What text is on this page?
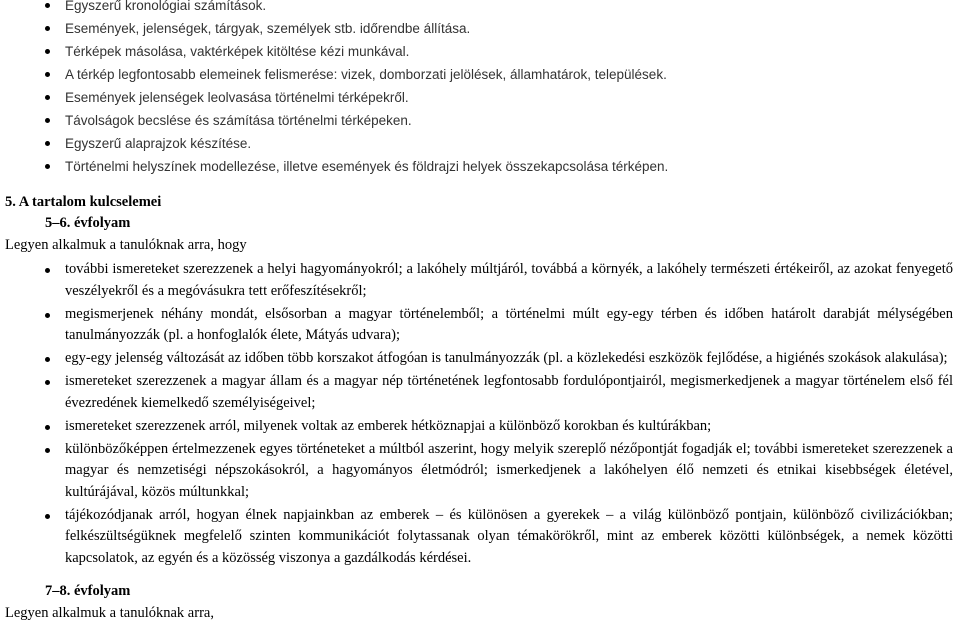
Egyszerű kronológiai számítások.
Események, jelenségek, tárgyak, személyek stb. időrendbe állítása.
Térképek másolása, vaktérképek kitöltése kézi munkával.
A térkép legfontosabb elemeinek felismerése: vizek, domborzati jelölések, államhatárok, települések.
Események jelenségek leolvasása történelmi térképekről.
Távolságok becslése és számítása történelmi térképeken.
Egyszerű alaprajzok készítése.
Történelmi helyszínek modellezése, illetve események és földrajzi helyek összekapcsolása térképen.
5. A tartalom kulcselemei
5–6. évfolyam
Legyen alkalmuk a tanulóknak arra, hogy
további ismereteket szerezzenek a helyi hagyományokról; a lakóhely múltjáról, továbbá a környék, a lakóhely természeti értékeiről, az azokat fenyegető veszélyekről és a megóvásukra tett erőfeszítésekről;
megismerjenek néhány mondát, elsősorban a magyar történelemből; a történelmi múlt egy-egy térben és időben határolt darabját mélységében tanulmányozzák (pl. a honfoglalók élete, Mátyás udvara);
egy-egy jelenség változását az időben több korszakot átfogóan is tanulmányozzák (pl. a közlekedési eszközök fejlődése, a higiénés szokások alakulása);
ismereteket szerezzenek a magyar állam és a magyar nép történetének legfontosabb fordulópontjairól, megismerkedjenek a magyar történelem első fél évezredének kiemelkedő személyiségeivel;
ismereteket szerezzenek arról, milyenek voltak az emberek hétköznapjai a különböző korokban és kultúrákban;
különbözőképpen értelmezzenek egyes történeteket a múltból aszerint, hogy melyik szereplő nézőpontját fogadják el; további ismereteket szerezzenek a magyar és nemzetiségi népszokásokról, a hagyományos életmódról; ismerkedjenek a lakóhelyen élő nemzeti és etnikai kisebbségek életével, kultúrájával, közös múltunkkal;
tájékozódjanak arról, hogyan élnek napjainkban az emberek – és különösen a gyerekek – a világ különböző pontjain, különböző civilizációkban; felkészültségüknek megfelelő szinten kommunikációt folytassanak olyan témakörökről, mint az emberek közötti különbségek, a nemek közötti kapcsolatok, az egyén és a közösség viszonya a gazdálkodás kérdései.
7–8. évfolyam
Legyen alkalmuk a tanulóknak arra,
